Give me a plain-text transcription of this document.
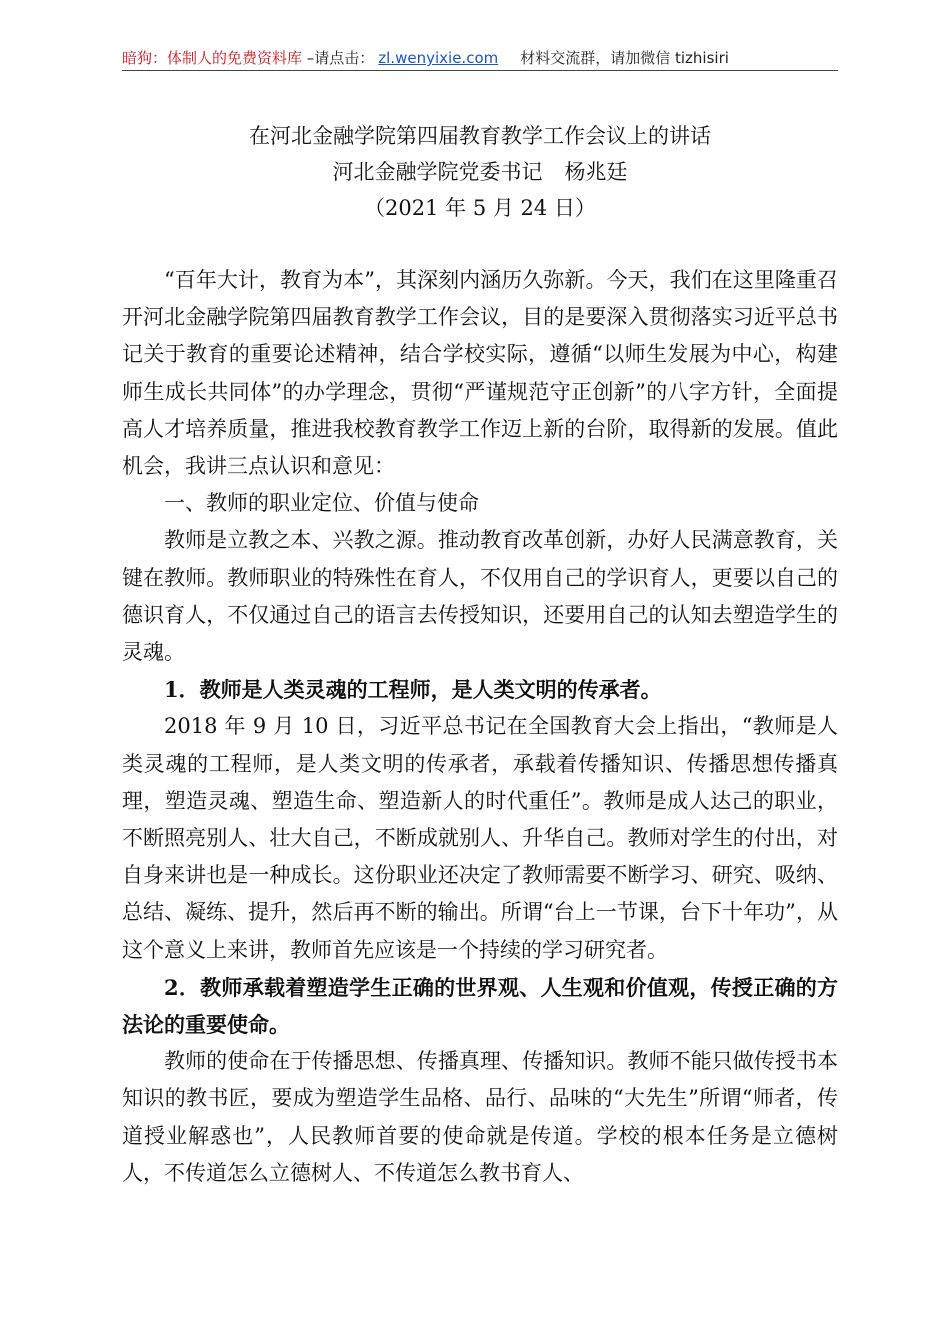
暗狗：体制人的免费资料库 –请点击： zl.wenyixie.com 材料交流群，请加微信 tizhisiri
在河北金融学院第四届教育教学工作会议上的讲话
河北金融学院党委书记 杨兆廷
（2021 年 5 月 24 日）

“百年大计，教育为本”，其深刻内涵历久弥新。今天，我们在这里隆重召开河北金融学院第四届教育教学工作会议，目的是要深入贯彻落实习近平总书记关于教育的重要论述精神，结合学校实际，遵循“以师生发展为中心，构建师生成长共同体”的办学理念，贯彻“严谨规范守正创新”的八字方针，全面提高人才培养质量，推进我校教育教学工作迈上新的台阶，取得新的发展。值此机会，我讲三点认识和意见：

一、教师的职业定位、价值与使命

教师是立教之本、兴教之源。推动教育改革创新，办好人民满意教育，关键在教师。教师职业的特殊性在育人，不仅用自己的学识育人，更要以自己的德识育人，不仅通过自己的语言去传授知识，还要用自己的认知去塑造学生的灵魂。

1．教师是人类灵魂的工程师，是人类文明的传承者。

2018 年 9 月 10 日，习近平总书记在全国教育大会上指出，“教师是人类灵魂的工程师，是人类文明的传承者，承载着传播知识、传播思想传播真理，塑造灵魂、塑造生命、塑造新人的时代重任”。教师是成人达己的职业，不断照亮别人、壮大自己，不断成就别人、升华自己。教师对学生的付出，对自身来讲也是一种成长。这份职业还决定了教师需要不断学习、研究、吸纳、总结、凝练、提升，然后再不断的输出。所谓“台上一节课，台下十年功”，从这个意义上来讲，教师首先应该是一个持续的学习研究者。

2．教师承载着塑造学生正确的世界观、人生观和价值观，传授正确的方法论的重要使命。

教师的使命在于传播思想、传播真理、传播知识。教师不能只做传授书本知识的教书匠，要成为塑造学生品格、品行、品味的“大先生”所谓“师者，传道授业解惑也”，人民教师首要的使命就是传道。学校的根本任务是立德树人，不传道怎么立德树人、不传道怎么教书育人、
